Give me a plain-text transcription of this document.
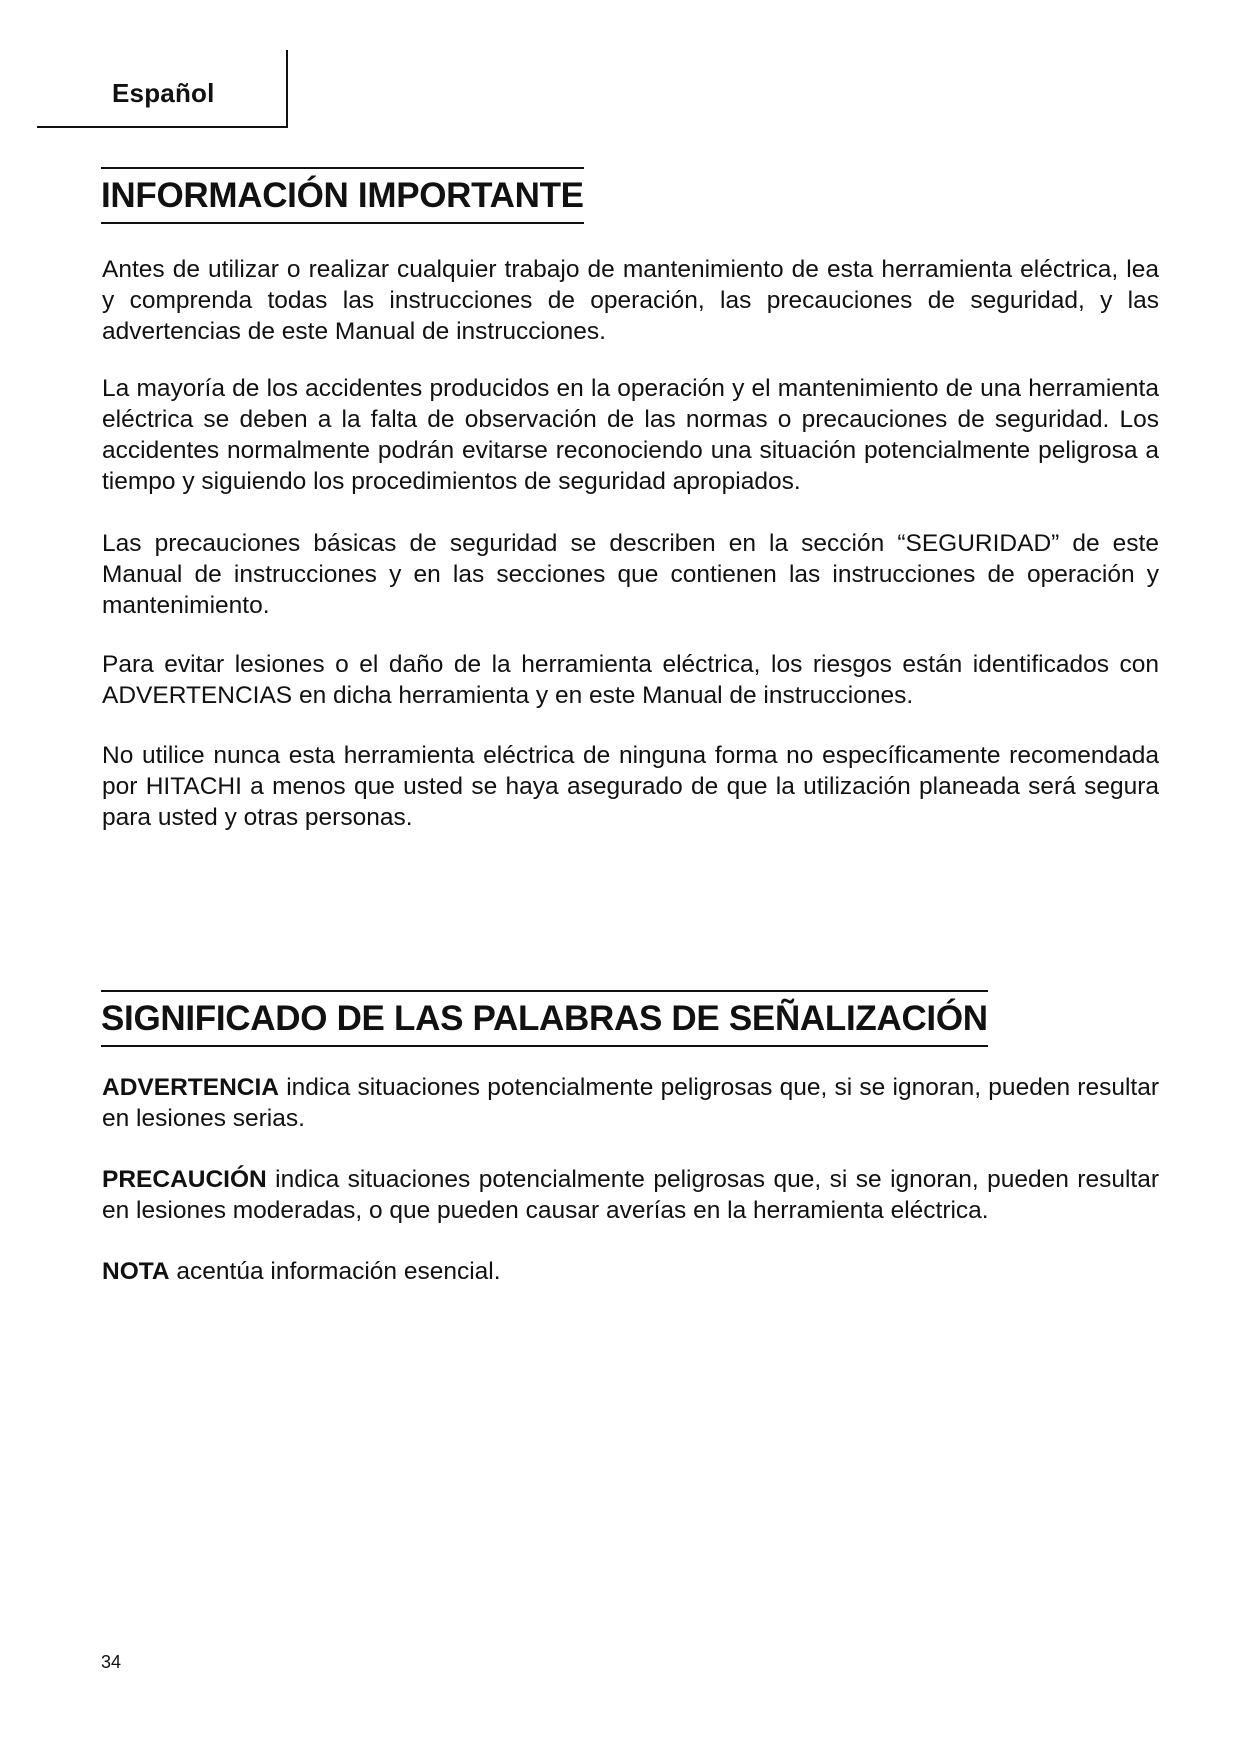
Español
INFORMACIÓN IMPORTANTE

Antes de utilizar o realizar cualquier trabajo de mantenimiento de esta herramienta eléctrica, lea y comprenda todas las instrucciones de operación, las precauciones de seguridad, y las advertencias de este Manual de instrucciones.

La mayoría de los accidentes producidos en la operación y el mantenimiento de una herramienta eléctrica se deben a la falta de observación de las normas o precauciones de seguridad. Los accidentes normalmente podrán evitarse reconociendo una situación potencialmente peligrosa a tiempo y siguiendo los procedimientos de seguridad apropiados.

Las precauciones básicas de seguridad se describen en la sección “SEGURIDAD” de este Manual de instrucciones y en las secciones que contienen las instrucciones de operación y mantenimiento.

Para evitar lesiones o el daño de la herramienta eléctrica, los riesgos están identificados con ADVERTENCIAS en dicha herramienta y en este Manual de instrucciones.

No utilice nunca esta herramienta eléctrica de ninguna forma no específicamente recomendada por HITACHI a menos que usted se haya asegurado de que la utilización planeada será segura para usted y otras personas.

SIGNIFICADO DE LAS PALABRAS DE SEÑALIZACIÓN

ADVERTENCIA indica situaciones potencialmente peligrosas que, si se ignoran, pueden resultar en lesiones serias.

PRECAUCIÓN indica situaciones potencialmente peligrosas que, si se ignoran, pueden resultar en lesiones moderadas, o que pueden causar averías en la herramienta eléctrica.

NOTA acentúa información esencial.

34
